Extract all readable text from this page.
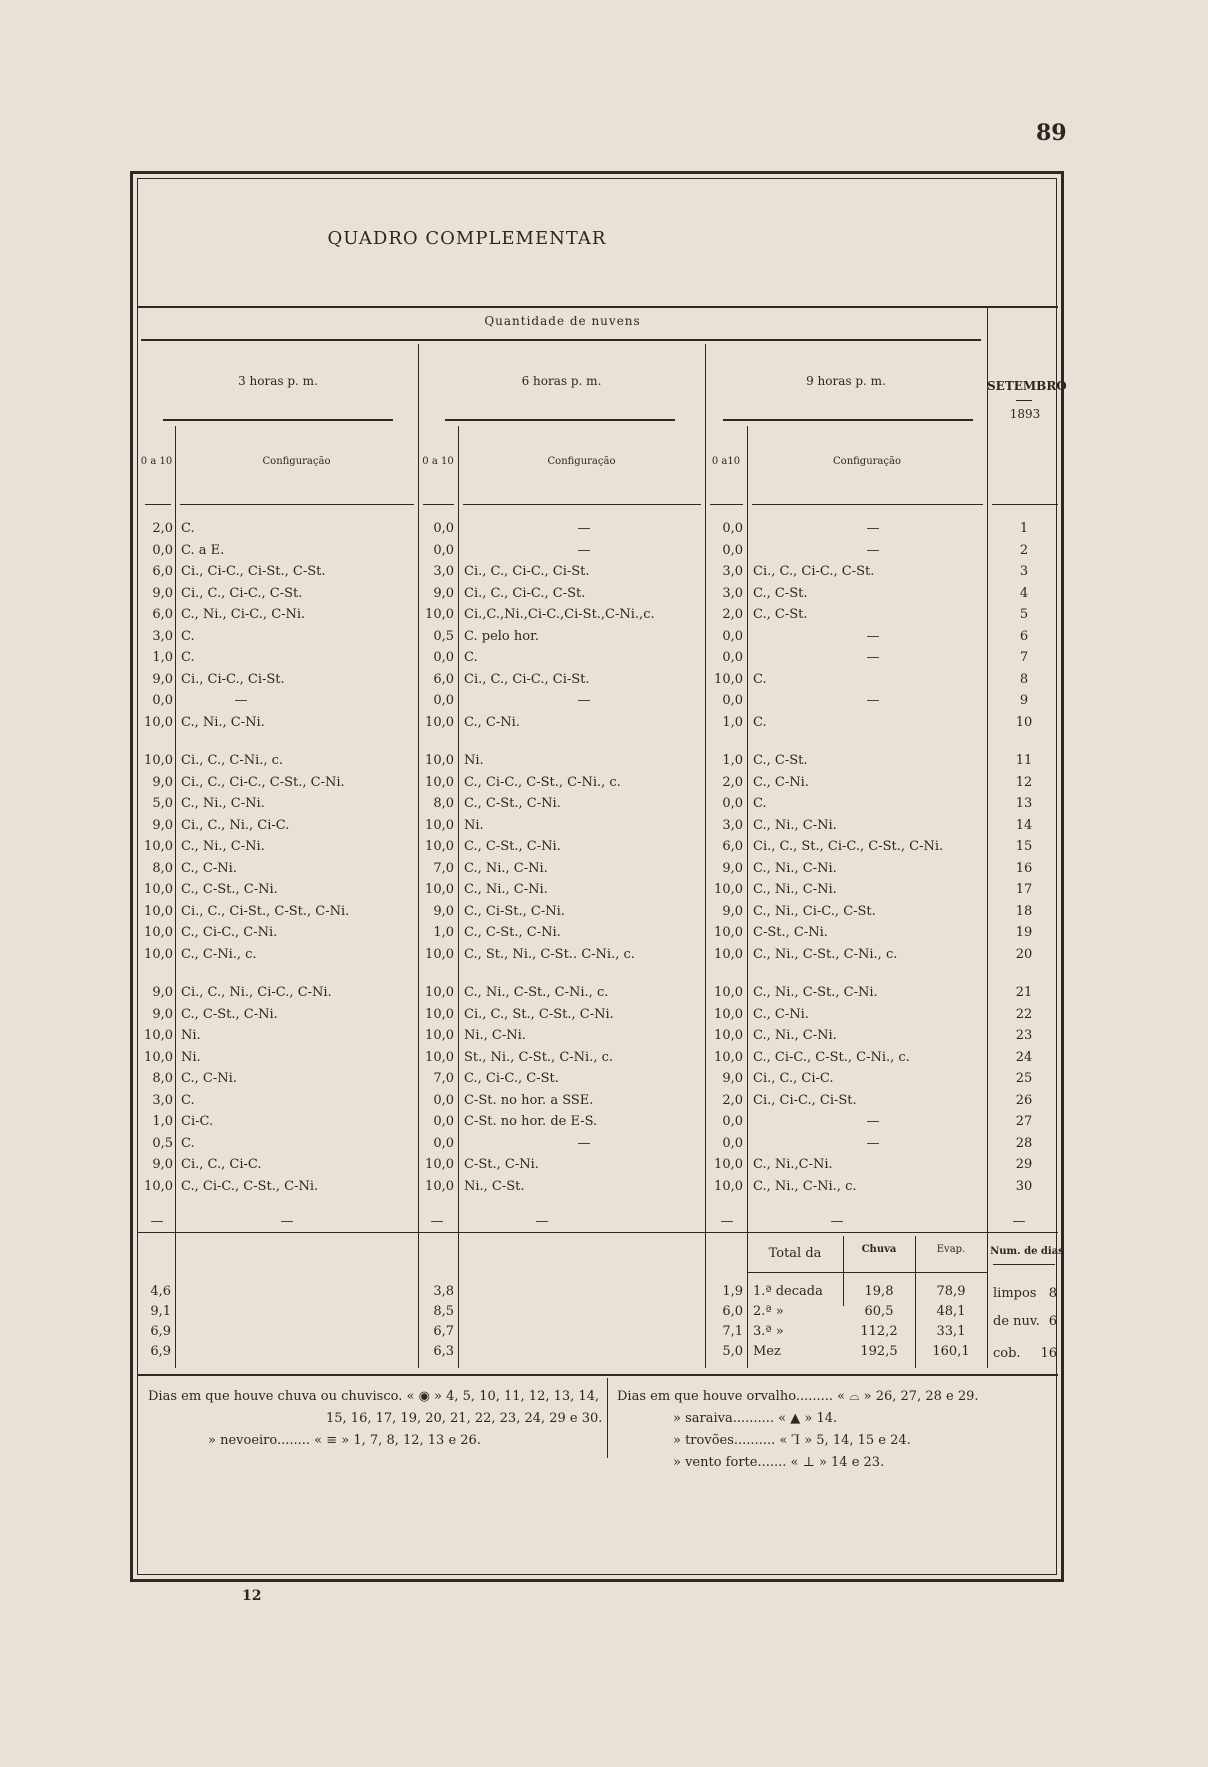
89
QUADRO COMPLEMENTAR
Quantidade de nuvens
3 horas p. m.	6 horas p. m.	9 horas p. m.	SETEMBRO
1893
0 a 10	Configuração	0 a 10	Configuração	0 a10	Configuração
2,0 C.	0,0	—	0,0	—	1
0,0 C. a E.	0,0	—	0,0	—	2
6,0 Ci., Ci-C., Ci-St., C-St.	3,0 Ci., C., Ci-C., Ci-St.	3,0 Ci., C., Ci-C., C-St.	3
9,0 Ci., C., Ci-C., C-St.	9,0 Ci., C., Ci-C., C-St.	3,0 C., C-St.	4
6,0 C., Ni., Ci-C., C-Ni.	10,0 Ci.,C.,Ni.,Ci-C.,Ci-St.,C-Ni.,c.	2,0 C., C-St.	5
3,0 C.	0,5 C. pelo hor.	0,0	—	6
1,0 C.	0,0 C.	0,0	—	7
9,0 Ci., Ci-C., Ci-St.	6,0 Ci., C., Ci-C., Ci-St.	10,0 C.	8
0,0	—	0,0	—	0,0	—	9
10,0 C., Ni., C-Ni.	10,0 C., C-Ni.	1,0 C.	10
10,0 Ci., C., C-Ni., c.	10,0 Ni.	1,0 C., C-St.	11
9,0 Ci., C., Ci-C., C-St., C-Ni.	10,0 C., Ci-C., C-St., C-Ni., c.	2,0 C., C-Ni.	12
5,0 C., Ni., C-Ni.	8,0 C., C-St., C-Ni.	0,0 C.	13
9,0 Ci., C., Ni., Ci-C.	10,0 Ni.	3,0 C., Ni., C-Ni.	14
10,0 C., Ni., C-Ni.	10,0 C., C-St., C-Ni.	6,0 Ci., C., St., Ci-C., C-St., C-Ni.	15
8,0 C., C-Ni.	7,0 C., Ni., C-Ni.	9,0 C., Ni., C-Ni.	16
10,0 C., C-St., C-Ni.	10,0 C., Ni., C-Ni.	10,0 C., Ni., C-Ni.	17
10,0 Ci., C., Ci-St., C-St., C-Ni.	9,0 C., Ci-St., C-Ni.	9,0 C., Ni., Ci-C., C-St.	18
10,0 C., Ci-C., C-Ni.	1,0 C., C-St., C-Ni.	10,0 C-St., C-Ni.	19
10,0 C., C-Ni., c.	10,0 C., St., Ni., C-St.. C-Ni., c.	10,0 C., Ni., C-St., C-Ni., c.	20
9,0 Ci., C., Ni., Ci-C., C-Ni.	10,0 C., Ni., C-St., C-Ni., c.	10,0 C., Ni., C-St., C-Ni.	21
9,0 C., C-St., C-Ni.	10,0 Ci., C., St., C-St., C-Ni.	10,0 C., C-Ni.	22
10,0 Ni.	10,0 Ni., C-Ni.	10,0 C., Ni., C-Ni.	23
10,0 Ni.	10,0 St., Ni., C-St., C-Ni., c.	10,0 C., Ci-C., C-St., C-Ni., c.	24
8,0 C., C-Ni.	7,0 C., Ci-C., C-St.	9,0 Ci., C., Ci-C.	25
3,0 C.	0,0 C-St. no hor. a SSE.	2,0 Ci., Ci-C., Ci-St.	26
1,0 Ci-C.	0,0 C-St. no hor. de E-S.	0,0	—	27
0,5 C.	0,0	—	0,0	—	28
9,0 Ci., C., Ci-C.	10,0 C-St., C-Ni.	10,0 C., Ni.,C-Ni.	29
10,0 C., Ci-C., C-St., C-Ni.	10,0 Ni., C-St.	10,0 C., Ni., C-Ni., c.	30
—	—	—	—	—	—	—
Total da	Chuva	Evap.	Num. de dias
4,6	3,8	1,9 1.ª decada	19,8	78,9
9,1	8,5	6,0 2.ª »	60,5	48,1
6,9	6,7	7,1 3.ª »	112,2	33,1
6,9	6,3	5,0 Mez	192,5	160,1
limpos 8
de nuv. 6
cob.	16
Dias em que houve chuva ou chuvisco. « ◉ » 4, 5, 10, 11, 12, 13, 14,
15, 16, 17, 19, 20, 21, 22, 23, 24, 29 e 30.
» nevoeiro........ « ≡ » 1, 7, 8, 12, 13 e 26.
Dias em que houve orvalho......... « ⌓ » 26, 27, 28 e 29.
» saraiva.......... « ▲ » 14.
» trovões.......... « Ꞁ » 5, 14, 15 e 24.
» vento forte....... « ⊥ » 14 e 23.
12
